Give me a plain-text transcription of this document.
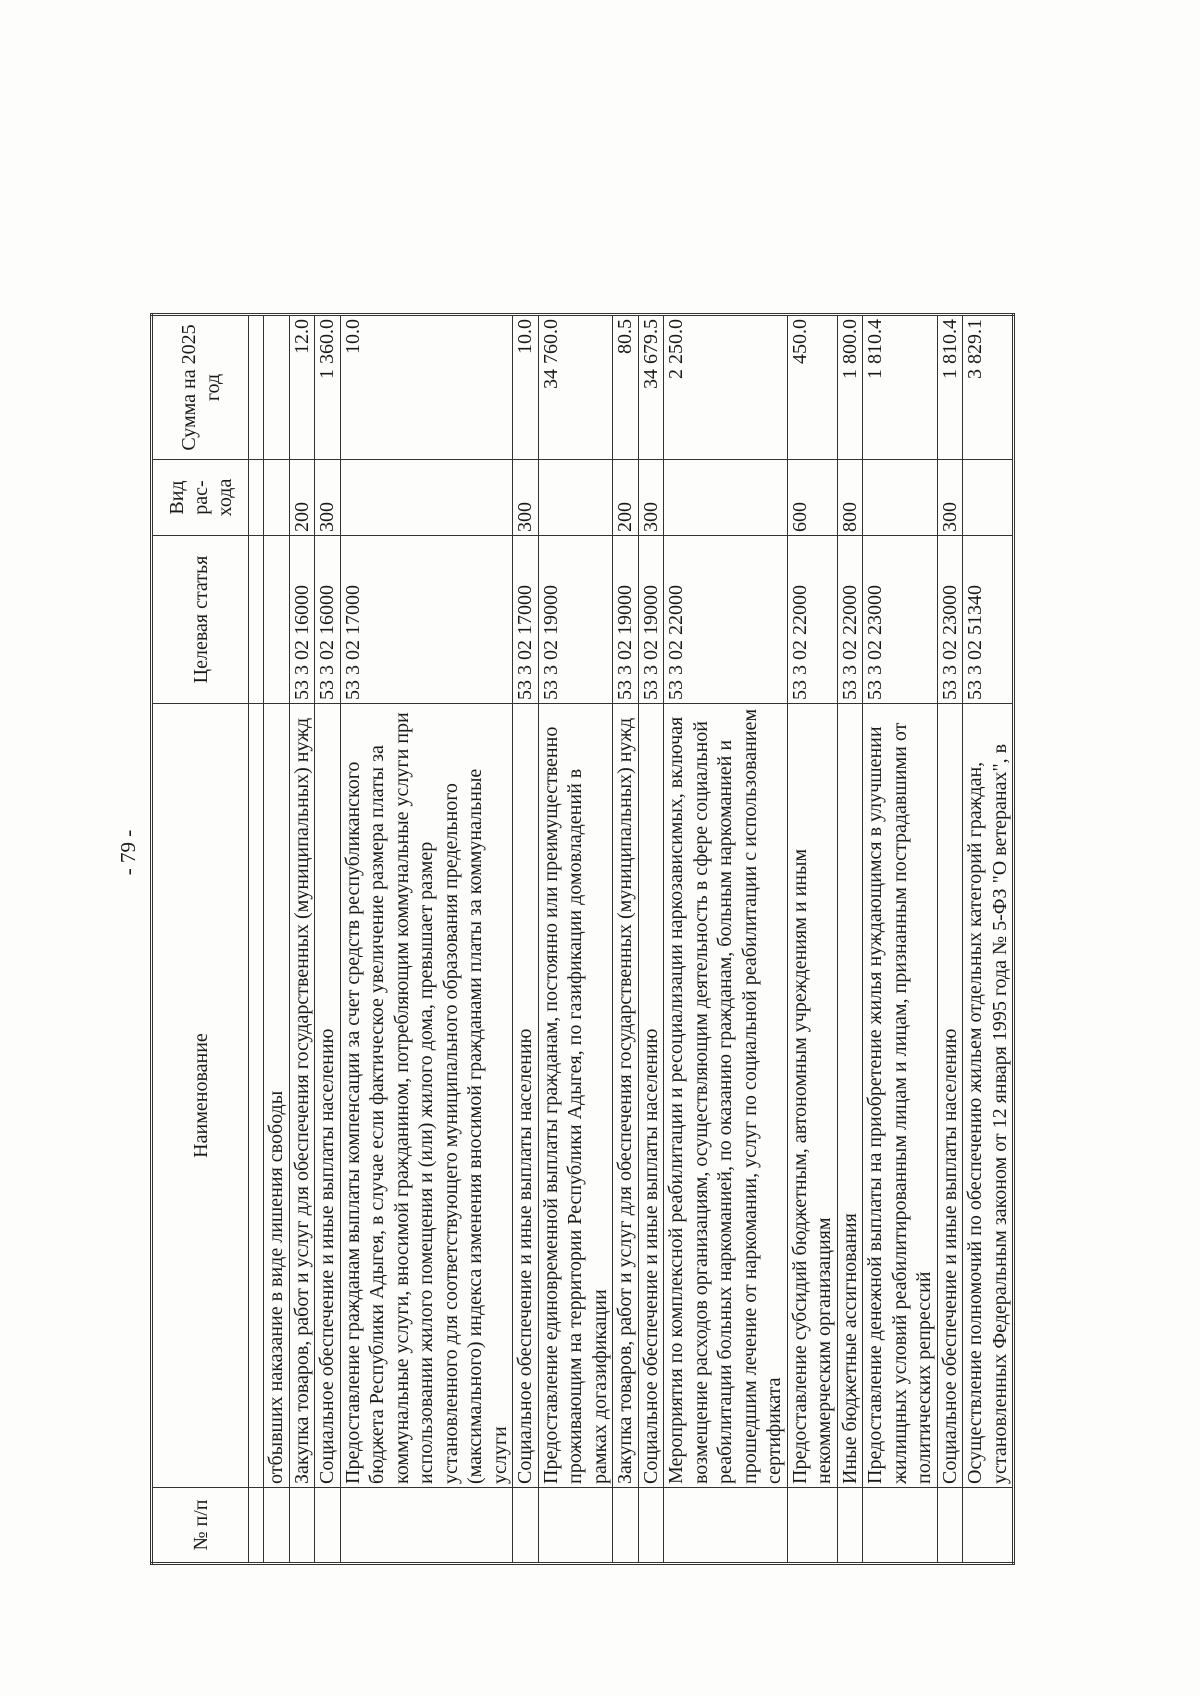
- 79 -
№ п/п	Наименование	Целевая статья	Вид рас- хода	Сумма на 2025 год

	отбывших наказание в виде лишения свободы			
	Закупка товаров, работ и услуг для обеспечения государственных (муниципальных) нужд	53 3 02 16000	200	12.0
	Социальное обеспечение и иные выплаты населению	53 3 02 16000	300	1 360.0
	Предоставление гражданам выплаты компенсации за счет средств республиканского бюджета Республики Адыгея, в случае если фактическое увеличение размера платы за коммунальные услуги, вносимой гражданином, потребляющим коммунальные услуги при использовании жилого помещения и (или) жилого дома, превышает размер установленного для соответствующего муниципального образования предельного (максимального) индекса изменения вносимой гражданами платы за коммунальные услуги	53 3 02 17000		10.0
	Социальное обеспечение и иные выплаты населению	53 3 02 17000	300	10.0
	Предоставление единовременной выплаты гражданам, постоянно или преимущественно проживающим на территории Республики Адыгея, по газификации домовладений в рамках догазификации	53 3 02 19000		34 760.0
	Закупка товаров, работ и услуг для обеспечения государственных (муниципальных) нужд	53 3 02 19000	200	80.5
	Социальное обеспечение и иные выплаты населению	53 3 02 19000	300	34 679.5
	Мероприятия по комплексной реабилитации и ресоциализации наркозависимых, включая возмещение расходов организациям, осуществляющим деятельность в сфере социальной реабилитации больных наркоманией, по оказанию гражданам, больным наркоманией и прошедшим лечение от наркомании, услуг по социальной реабилитации с использованием сертификата	53 3 02 22000		2 250.0
	Предоставление субсидий бюджетным, автономным учреждениям и иным некоммерческим организациям	53 3 02 22000	600	450.0
	Иные бюджетные ассигнования	53 3 02 22000	800	1 800.0
	Предоставление денежной выплаты на приобретение жилья нуждающимся в улучшении жилищных условий реабилитированным лицам и лицам, признанным пострадавшими от политических репрессий	53 3 02 23000		1 810.4
	Социальное обеспечение и иные выплаты населению	53 3 02 23000	300	1 810.4
	Осуществление полномочий по обеспечению жильем отдельных категорий граждан, установленных Федеральным законом от 12 января 1995 года № 5-ФЗ "О ветеранах", в	53 3 02 51340		3 829.1
